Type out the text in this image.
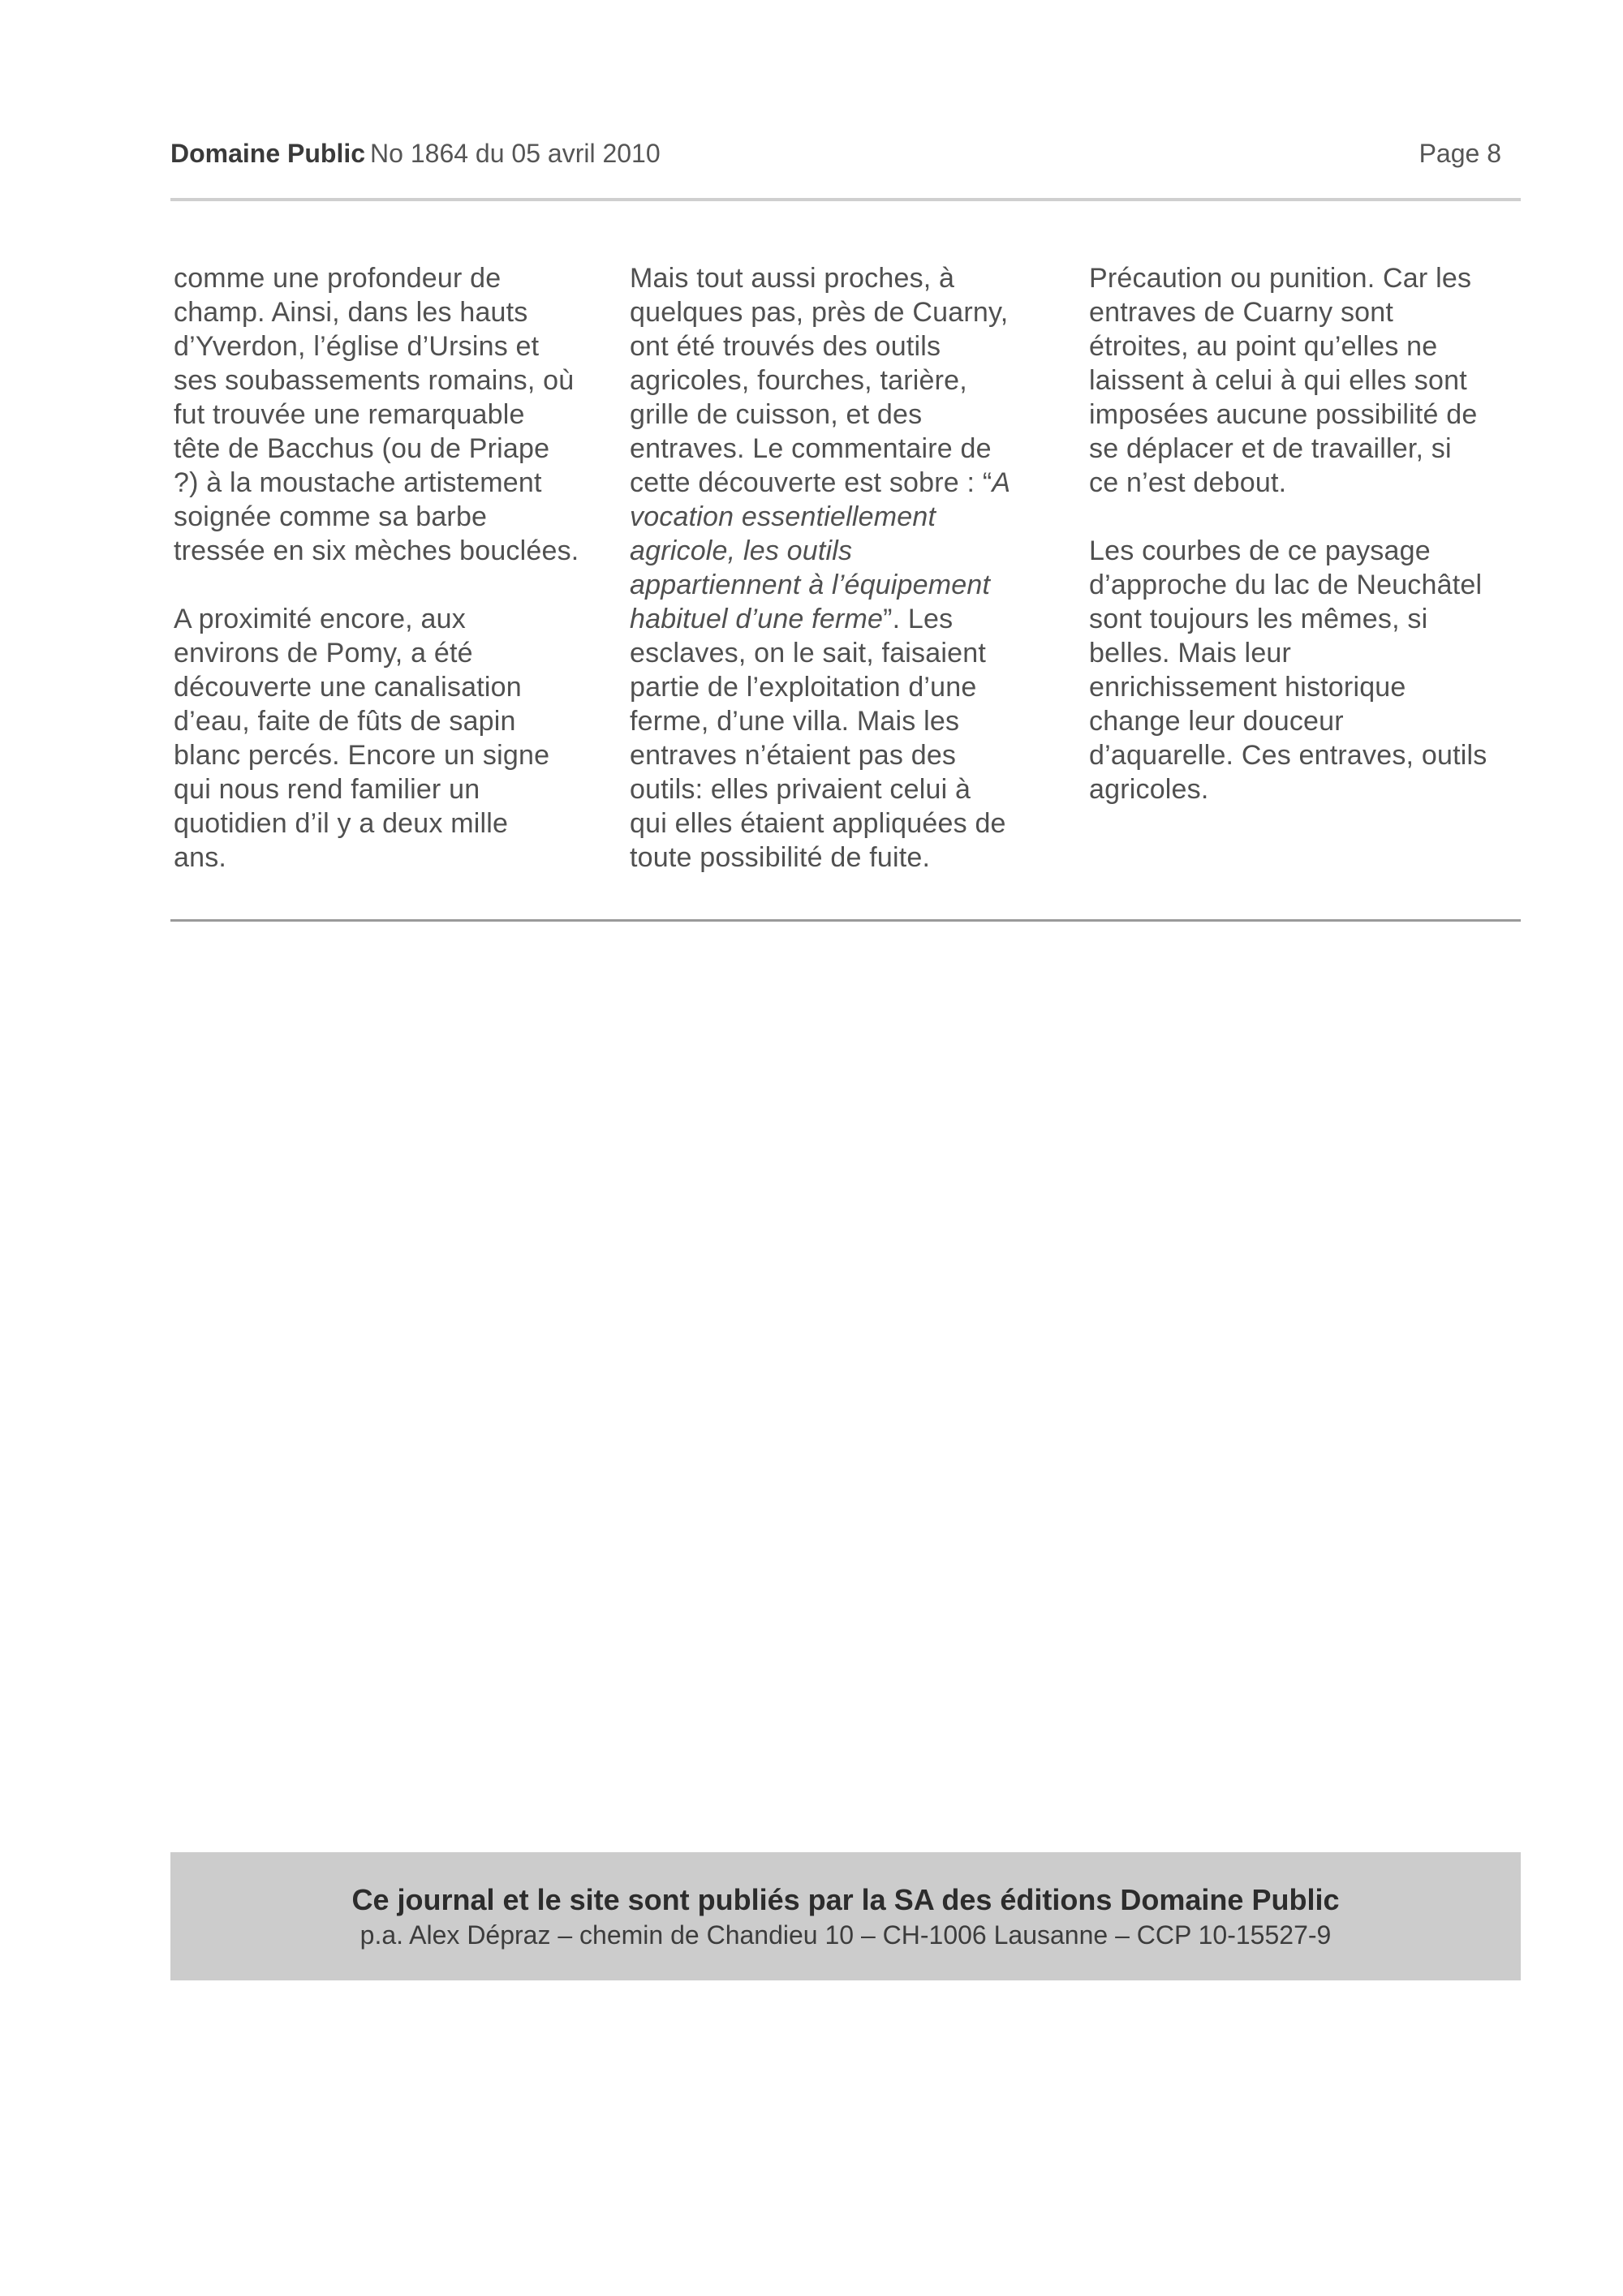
Domaine Public No 1864 du 05 avril 2010	Page 8

comme une profondeur de
champ. Ainsi, dans les hauts
d’Yverdon, l’église d’Ursins et
ses soubassements romains, où
fut trouvée une remarquable
tête de Bacchus (ou de Priape
?) à la moustache artistement
soignée comme sa barbe
tressée en six mèches bouclées.

A proximité encore, aux
environs de Pomy, a été
découverte une canalisation
d’eau, faite de fûts de sapin
blanc percés. Encore un signe
qui nous rend familier un
quotidien d’il y a deux mille
ans.

Mais tout aussi proches, à
quelques pas, près de Cuarny,
ont été trouvés des outils
agricoles, fourches, tarière,
grille de cuisson, et des
entraves. Le commentaire de
cette découverte est sobre : “A
vocation essentiellement
agricole, les outils
appartiennent à l’équipement
habituel d’une ferme”. Les
esclaves, on le sait, faisaient
partie de l’exploitation d’une
ferme, d’une villa. Mais les
entraves n’étaient pas des
outils: elles privaient celui à
qui elles étaient appliquées de
toute possibilité de fuite.

Précaution ou punition. Car les
entraves de Cuarny sont
étroites, au point qu’elles ne
laissent à celui à qui elles sont
imposées aucune possibilité de
se déplacer et de travailler, si
ce n’est debout.

Les courbes de ce paysage
d’approche du lac de Neuchâtel
sont toujours les mêmes, si
belles. Mais leur
enrichissement historique
change leur douceur
d’aquarelle. Ces entraves, outils
agricoles.

Ce journal et le site sont publiés par la SA des éditions Domaine Public
p.a. Alex Dépraz – chemin de Chandieu 10 – CH-1006 Lausanne – CCP 10-15527-9
